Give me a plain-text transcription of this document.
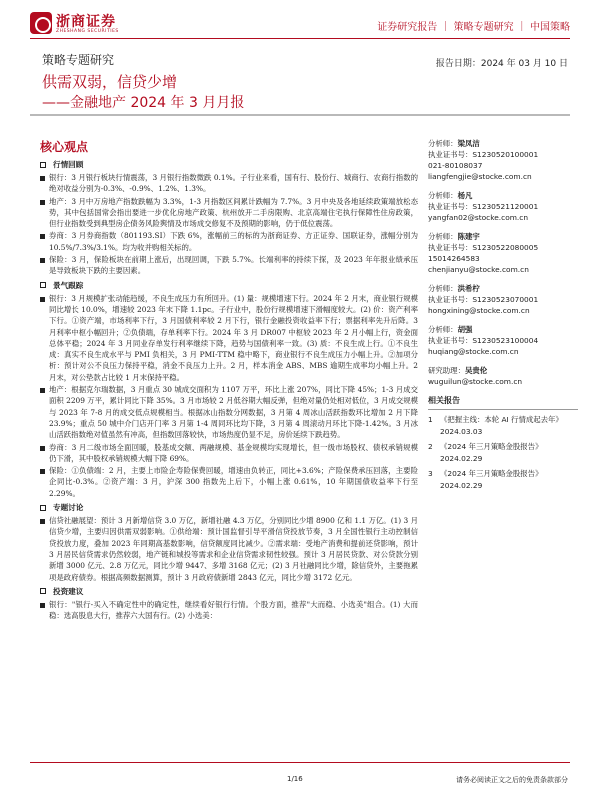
浙商证券
ZHESHANG SECURITIES	证券研究报告 ｜ 策略专题研究 ｜ 中国策略
策略专题研究	报告日期：2024 年 03 月 10 日
供需双弱，信贷少增
——金融地产 2024 年 3 月月报
核心观点
行情回顾
银行：3 月银行板块行情震荡，3 月银行指数微跌 0.1%。子行业来看，国有行、股份行、城商行、农商行指数的绝对收益分别为-0.3%、-0.9%、1.2%、1.3%。
地产：3 月中万房地产指数跌幅为 3.3%，1-3 月指数区间累计跌幅为 7.7%。3 月中央及各地延续政策端放松态势，其中包括国常会指出要进一步优化房地产政策、杭州放开二手房限购、北京高端住宅执行保障性住房政策，但行业指数受到典型房企债务风险舆情及市场成交修复不及预期的影响，仍于低位震荡。
券商：3 月券商指数（801193.SI）下跌 6%，涨幅前三的标的为浙商证券、方正证券、国联证券，涨幅分别为 10.5%/7.3%/3.1%。均为收并购相关标的。
保险：3 月，保险板块在前期上涨后，出现回调，下跌 5.7%。长端利率的持续下探，及 2023 年年报业绩承压是导致板块下跌的主要因素。
景气跟踪
银行：3 月规模扩张动能趋缓，不良生成压力有所回升。(1) 量：规模增速下行。2024 年 2 月末，商业银行规模同比增长 10.0%，增速较 2023 年末下降 1.1pc。子行业中，股份行规模增速下滑幅度较大。(2) 价：资产利率下行。①资产端，市场利率下行，3 月国债利率较 2 月下行，银行金融投资收益率下行；票据利率先升后降。3 月利率中枢小幅回升；②负债端，存单利率下行。2024 年 3 月 DR007 中枢较 2023 年 2 月小幅上行，资金面总体平稳；2024 年 3 月同业存单发行利率继续下降，趋势与国债利率一致。(3) 质：不良生成上行。①不良生成：真实不良生成水平与 PMI 负相关，3 月 PMI-TTM 稳中略下，商业银行不良生成压力小幅上升。②加项分析：预计对公不良压力保持平稳，消金不良压力上升。2 月，样本消金 ABS、MBS 逾期生成率均小幅上升。2 月末，对公垫款占比较 1 月末保持平稳。
地产：根据克尔瑞数据，3 月重点 30 城成交面积为 1107 万平，环比上涨 207%，同比下降 45%；1-3 月成交面积 2209 万平，累计同比下降 35%。3 月市场较 2 月低谷期大幅反弹，但绝对量仍处相对低位，3 月成交规模与 2023 年 7-8 月的成交低点规模相当。根据冰山指数分网数据，3 月第 4 周冰山活跃指数环比增加 2 月下降 23.9%；重点 50 城中介门店开门率 3 月第 1-4 周同环比均下降，3 月第 4 周滚动月环比下降-1.42%。3 月冰山活跃指数绝对值虽然有冲高，但指数回落较快，市场热度仍显不足，房价延续下跌趋势。
券商：3 月二级市场全面回暖，股基成交额、两融规模、基金规模均实现增长，但一级市场股权、债权承销规模仍下滑，其中股权承销规模大幅下降 69%。
保险：①负债端：2 月，主要上市险企寿险保费回暖，增速由负转正，同比+3.6%；产险保费承压回落，主要险企同比-0.3%。②资产端：3 月，沪深 300 指数先上后下，小幅上涨 0.61%，10 年期国债收益率下行至 2.29%。
专题讨论
信贷社融展望：预计 3 月新增信贷 3.0 万亿，新增社融 4.3 万亿，分别同比少增 8900 亿和 1.1 万亿。(1) 3 月信贷少增，主要归因供需双弱影响。①供给端：预计国监督引导平滑信贷投放节奏，3 月全国性银行主动控制信贷投放力度，叠加 2023 年同期高基数影响，信贷额度同比减少。②需求端：受地产消费和提前还贷影响，预计 3 月居民信贷需求仍然较弱，地产链和城投等需求和企业信贷需求韧性较强。预计 3 月居民贷款、对公贷款分别新增 3000 亿元、2.8 万亿元，同比少增 9447、多增 3168 亿元；(2) 3 月社融同比少增，除信贷外，主要拖累项是政府债券。根据高频数据测算，预计 3 月政府债新增 2843 亿元，同比少增 3172 亿元。
投资建议
银行："银行-买入不确定性中的确定性，继续看好银行行情。个股方面，推荐"大而稳、小选美"组合。(1) 大而稳：选高股息大行，推荐六大国有行。(2) 小选美：
分析师：梁凤洁
执业证书号：S1230520100001
021-80108037
liangfengjie@stocke.com.cn
分析师：杨凡
执业证书号：S1230521120001
yangfan02@stocke.com.cn
分析师：陈建宇
执业证书号：S1230522080005
15014264583
chenjianyu@stocke.com.cn
分析师：洪希柠
执业证书号：S1230523070001
hongxining@stocke.com.cn
分析师：胡强
执业证书号：S1230523100004
huqiang@stocke.com.cn
研究助理：吴贵伦
wuguilun@stocke.com.cn
相关报告
1 《把握主线：本轮 AI 行情成起去年》
2024.03.03
2 《2024 年三月策略金股报告》
2024.02.29
3 《2024 年三月策略金股报告》
2024.02.29
1/16	请务必阅读正文之后的免责条款部分
